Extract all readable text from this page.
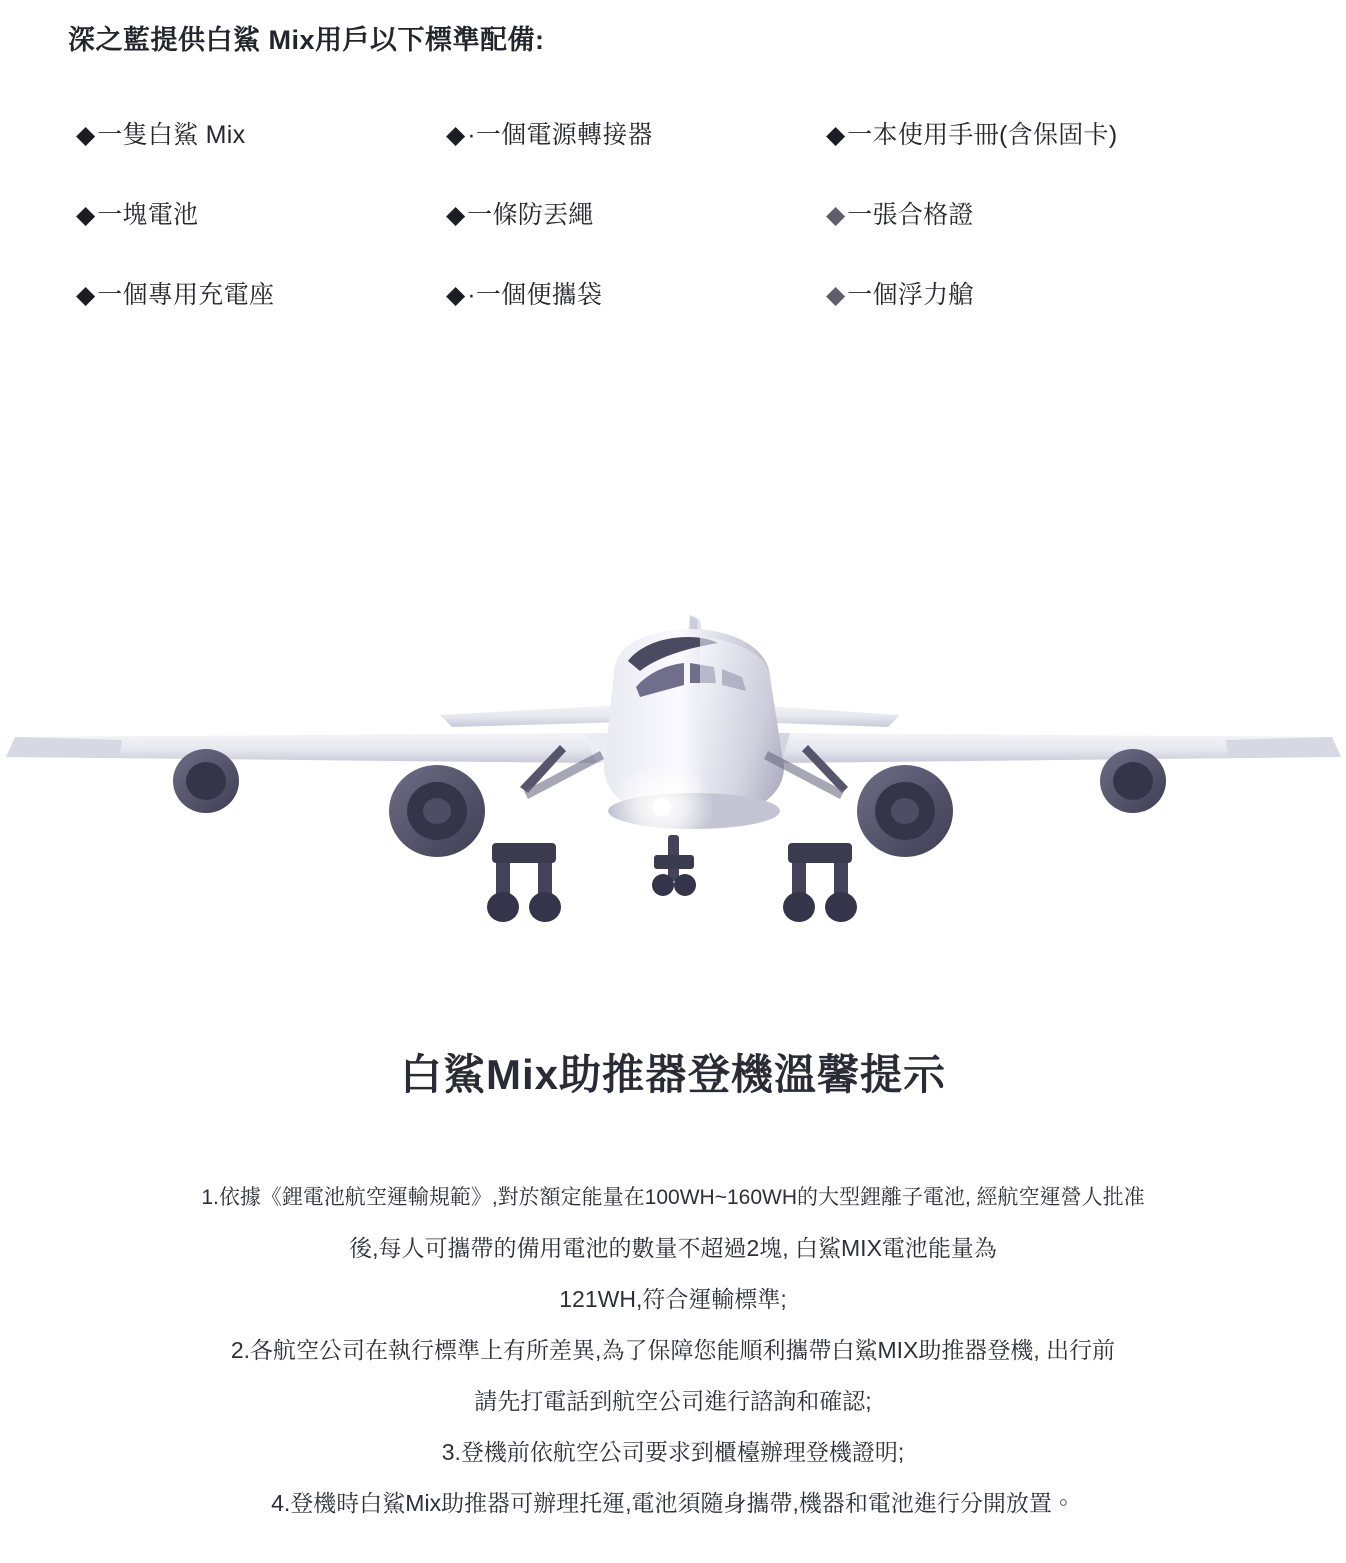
深之藍提供白鯊 Mix用戶以下標準配備:
◆ 一隻白鯊 Mix	◆ ·一個電源轉接器	◆ 一本使用手冊(含保固卡)
◆ 一塊電池	◆ 一條防丟繩	◆ 一張合格證
◆ 一個專用充電座	◆ ·一個便攜袋	◆ 一個浮力艙
白鯊Mix助推器登機溫馨提示
1.依據《鋰電池航空運輸規範》,對於額定能量在100WH~160WH的大型鋰離子電池, 經航空運營人批准
後,每人可攜帶的備用電池的數量不超過2塊, 白鯊MIX電池能量為
121WH,符合運輸標準;
2.各航空公司在執行標準上有所差異,為了保障您能順利攜帶白鯊MIX助推器登機, 出行前
請先打電話到航空公司進行諮詢和確認;
3.登機前依航空公司要求到櫃檯辦理登機證明;
4.登機時白鯊Mix助推器可辦理托運,電池須隨身攜帶,機器和電池進行分開放置。
